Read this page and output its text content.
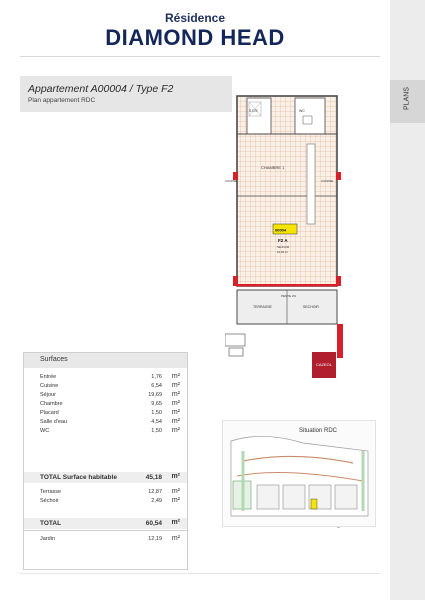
Résidence
DIAMOND HEAD
PLANS
Appartement A00004 / Type F2
Plan appartement RDC
CHAMBRE 1
S.D'E	WC
00004
F2 A
SEJOUR
19,69 m²
CUISINE	CUISINE
PENTE 2%
TERRASSE	SECHOIR
CAZEOL
Surfaces
Entrée	1,76 m²
Cuisine	6,54 m²
Séjour	19,69 m²
Chambre	9,65 m²
Placard	1,50 m²
Salle d'eau	4,54 m²
WC	1,50 m²
TOTAL Surface habitable	45,18 m²
Terrasse	12,87 m²
Séchoir	2,49 m²
TOTAL	60,54 m²
Jardin	12,19 m²
Situation RDC
